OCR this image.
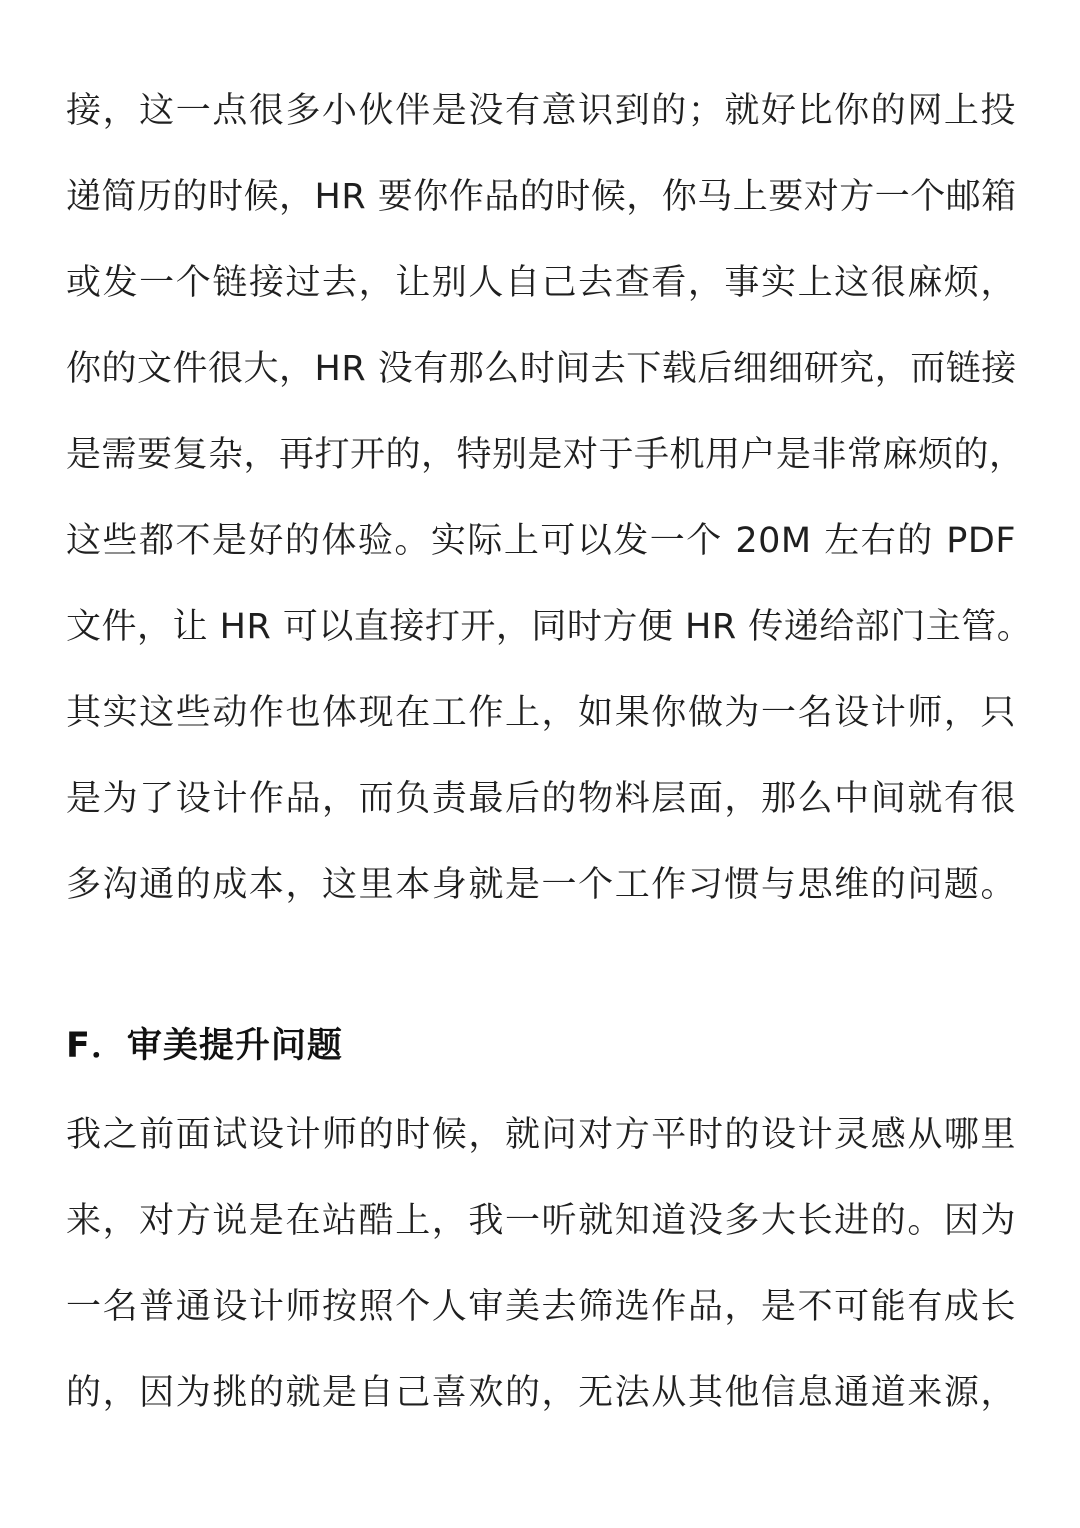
接，这一点很多小伙伴是没有意识到的；就好比你的网上投
递简历的时候，HR 要你作品的时候，你马上要对方一个邮箱
或发一个链接过去，让别人自己去查看，事实上这很麻烦，
你的文件很大，HR 没有那么时间去下载后细细研究，而链接
是需要复杂，再打开的，特别是对于手机用户是非常麻烦的，
这些都不是好的体验。实际上可以发一个 20M 左右的 PDF
文件，让 HR 可以直接打开，同时方便 HR 传递给部门主管。
其实这些动作也体现在工作上，如果你做为一名设计师，只
是为了设计作品，而负责最后的物料层面，那么中间就有很
多沟通的成本，这里本身就是一个工作习惯与思维的问题。
F．审美提升问题
我之前面试设计师的时候，就问对方平时的设计灵感从哪里
来，对方说是在站酷上，我一听就知道没多大长进的。因为
一名普通设计师按照个人审美去筛选作品，是不可能有成长
的，因为挑的就是自己喜欢的，无法从其他信息通道来源，
